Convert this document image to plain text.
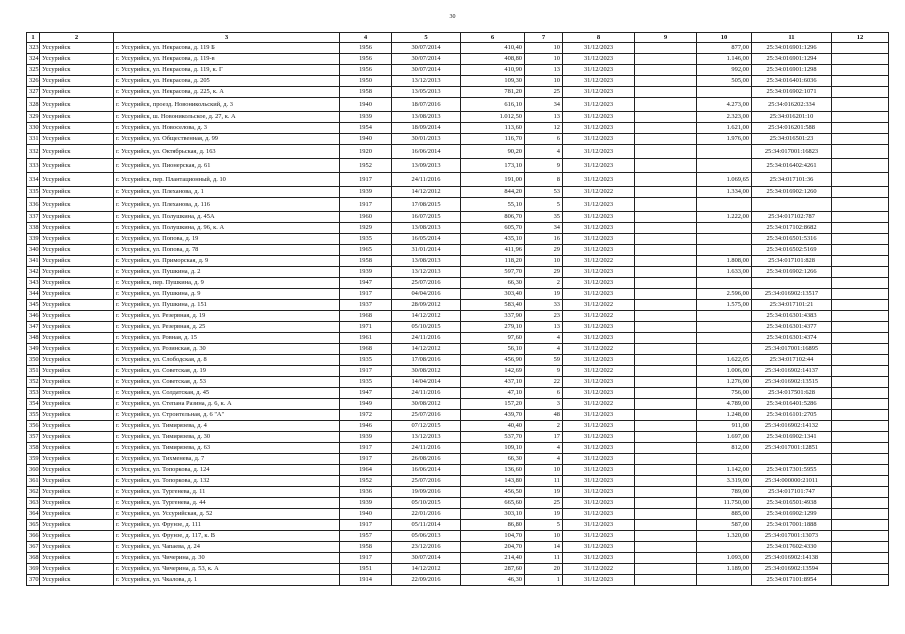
30
1	2	3	4	5	6	7	8	9	10	11	12
323	Уссурийск	г. Уссурийск, ул. Некрасова, д. 119 Б	1956	30/07/2014	410,40	10	31/12/2023		877,00	25:34:016901:1296	
324	Уссурийск	г. Уссурийск, ул. Некрасова, д. 119-в	1956	30/07/2014	408,80	10	31/12/2023		1.146,00	25:34:016901:1294	
325	Уссурийск	г. Уссурийск, ул. Некрасова, д. 119, к. Г	1956	30/07/2014	410,90	13	31/12/2023		992,00	25:34:016901:1298	
326	Уссурийск	г. Уссурийск, ул. Некрасова, д. 205	1950	13/12/2013	109,30	10	31/12/2023		505,00	25:34:016401:6036	
327	Уссурийск	г. Уссурийск, ул. Некрасова, д. 225, к. А	1958	13/05/2013	781,20	25	31/12/2023			25:34:016902:1071	
328	Уссурийск	г. Уссурийск, проезд. Новоникольский, д. 3	1940	18/07/2016	616,10	34	31/12/2023		4.273,00	25:34:016202:334	
329	Уссурийск	г. Уссурийск, ш. Новоникольское, д. 27, к. А	1939	13/08/2013	1.012,50	13	31/12/2023		2.323,00	25:34:016201:10	
330	Уссурийск	г. Уссурийск, ул. Новоселова, д. 3	1954	18/09/2014	113,60	12	31/12/2023		1.621,00	25:34:016201:588	
331	Уссурийск	г. Уссурийск, ул. Общественная, д. 99	1940	30/01/2013	116,70	6	31/12/2023		1.976,00	25:34:016501:23	
332	Уссурийск	г. Уссурийск, ул. Октябрьская, д. 163	1920	16/06/2014	90,20	4	31/12/2023			25:34:017001:16823	
333	Уссурийск	г. Уссурийск, ул. Пионерская, д. 61	1952	13/09/2013	173,10	9	31/12/2023			25:34:016402:4261	
334	Уссурийск	г. Уссурийск, пер. Плантационный, д. 10	1917	24/11/2016	191,00	8	31/12/2023		1.069,65	25:34:017101:36	
335	Уссурийск	г. Уссурийск, ул. Плеханова, д. 1	1939	14/12/2012	844,20	53	31/12/2022		1.334,00	25:34:016902:1260	
336	Уссурийск	г. Уссурийск, ул. Плеханова, д. 116	1917	17/08/2015	55,10	5	31/12/2023				
337	Уссурийск	г. Уссурийск, ул. Полушкина, д. 45А	1960	16/07/2015	806,70	35	31/12/2023		1.222,00	25:34:017102:787	
338	Уссурийск	г. Уссурийск, ул. Полушкина, д. 96, к. А	1929	13/08/2013	605,70	34	31/12/2023			25:34:017102:8682	
339	Уссурийск	г. Уссурийск, ул. Попова, д. 19	1935	16/05/2014	435,10	16	31/12/2023			25:34:016501:5316	
340	Уссурийск	г. Уссурийск, ул. Попова, д. 78	1965	31/01/2014	411,96	29	31/12/2023			25:34:016502:5169	
341	Уссурийск	г. Уссурийск, ул. Приморская, д. 9	1958	13/08/2013	118,20	10	31/12/2022		1.808,00	25:34:017101:828	
342	Уссурийск	г. Уссурийск, ул. Пушкина, д. 2	1939	13/12/2013	597,70	29	31/12/2023		1.633,00	25:34:016902:1266	
343	Уссурийск	г. Уссурийск, пер. Пушкина, д. 9	1947	25/07/2016	66,30	2	31/12/2023				
344	Уссурийск	г. Уссурийск, ул. Пушкина, д. 9	1917	04/04/2016	303,40	19	31/12/2023		2.596,00	25:34:016902:13517	
345	Уссурийск	г. Уссурийск, ул. Пушкина, д. 151	1937	28/09/2012	583,40	33	31/12/2022		1.575,00	25:34:017101:21	
346	Уссурийск	г. Уссурийск, ул. Резервная, д. 19	1968	14/12/2012	337,90	23	31/12/2022			25:34:016301:4383	
347	Уссурийск	г. Уссурийск, ул. Резервная, д. 25	1971	05/10/2015	279,10	13	31/12/2023			25:34:016301:4377	
348	Уссурийск	г. Уссурийск, ул. Ровная, д. 15	1961	24/11/2016	97,60	4	31/12/2023			25:34:016301:4374	
349	Уссурийск	г. Уссурийск, ул. Розинская, д. 30	1968	14/12/2012	56,10	4	31/12/2022			25:34:017001:16895	
350	Уссурийск	г. Уссурийск, ул. Слободская, д. 8	1935	17/08/2016	456,90	59	31/12/2023		1.622,05	25:34:017102:44	
351	Уссурийск	г. Уссурийск, ул. Советская, д. 19	1917	30/08/2012	142,69	9	31/12/2022		1.006,00	25:34:016902:14137	
352	Уссурийск	г. Уссурийск, ул. Советская, д. 53	1935	14/04/2014	437,10	22	31/12/2023		1.276,00	25:34:016902:13515	
353	Уссурийск	г. Уссурийск, ул. Солдатская, д. 45	1947	24/11/2016	47,10	6	31/12/2023		756,00	25:34:017501:628	
354	Уссурийск	г. Уссурийск, ул. Степана Разина, д. 6, к. А	1949	30/08/2012	157,20	3	31/12/2022		4.789,00	25:34:016401:5286	
355	Уссурийск	г. Уссурийск, ул. Строительная, д. 6 "А"	1972	25/07/2016	439,70	48	31/12/2023		1.248,00	25:34:016101:2705	
356	Уссурийск	г. Уссурийск, ул. Тимирязева, д. 4	1946	07/12/2015	40,40	2	31/12/2023		911,00	25:34:016902:14132	
357	Уссурийск	г. Уссурийск, ул. Тимирязева, д. 30	1939	13/12/2013	537,70	17	31/12/2023		1.697,00	25:34:016902:1341	
358	Уссурийск	г. Уссурийск, ул. Тимирязева, д. 63	1917	24/11/2016	109,10	4	31/12/2023		812,00	25:34:017001:12851	
359	Уссурийск	г. Уссурийск, ул. Тихменева, д. 7	1917	26/08/2016	66,30	4	31/12/2023				
360	Уссурийск	г. Уссурийск, ул. Топоркова, д. 124	1964	16/06/2014	136,60	10	31/12/2023		1.142,00	25:34:017301:5955	
361	Уссурийск	г. Уссурийск, ул. Топоркова, д. 132	1952	25/07/2016	143,80	11	31/12/2023		3.319,00	25:34:000000:21011	
362	Уссурийск	г. Уссурийск, ул. Тургенева, д. 11	1936	19/09/2016	456,50	19	31/12/2023		789,00	25:34:017101:747	
363	Уссурийск	г. Уссурийск, ул. Тургенева, д. 44	1939	05/10/2015	665,60	25	31/12/2023		11.750,00	25:34:016501:4938	
364	Уссурийск	г. Уссурийск, ул. Уссурийская, д. 52	1940	22/01/2016	303,10	19	31/12/2023		885,00	25:34:016902:1299	
365	Уссурийск	г. Уссурийск, ул. Фрунзе, д. 111	1917	05/11/2014	86,80	5	31/12/2023		587,00	25:34:017001:1888	
366	Уссурийск	г. Уссурийск, ул. Фрунзе, д. 117, к. В	1957	05/06/2013	104,70	10	31/12/2023		1.320,00	25:34:017001:13073	
367	Уссурийск	г. Уссурийск, ул. Чапаева, д. 24	1958	23/12/2016	204,70	14	31/12/2023			25:34:017602:4330	
368	Уссурийск	г. Уссурийск, ул. Чичерина, д. 30	1917	30/07/2014	214,40	11	31/12/2023		1.093,00	25:34:016902:14138	
369	Уссурийск	г. Уссурийск, ул. Чичерина, д. 53, к. А	1951	14/12/2012	287,60	20	31/12/2022		1.189,00	25:34:016902:13594	
370	Уссурийск	г. Уссурийск, ул. Чкалова, д. 1	1914	22/09/2016	46,30	1	31/12/2023			25:34:017101:8954	
